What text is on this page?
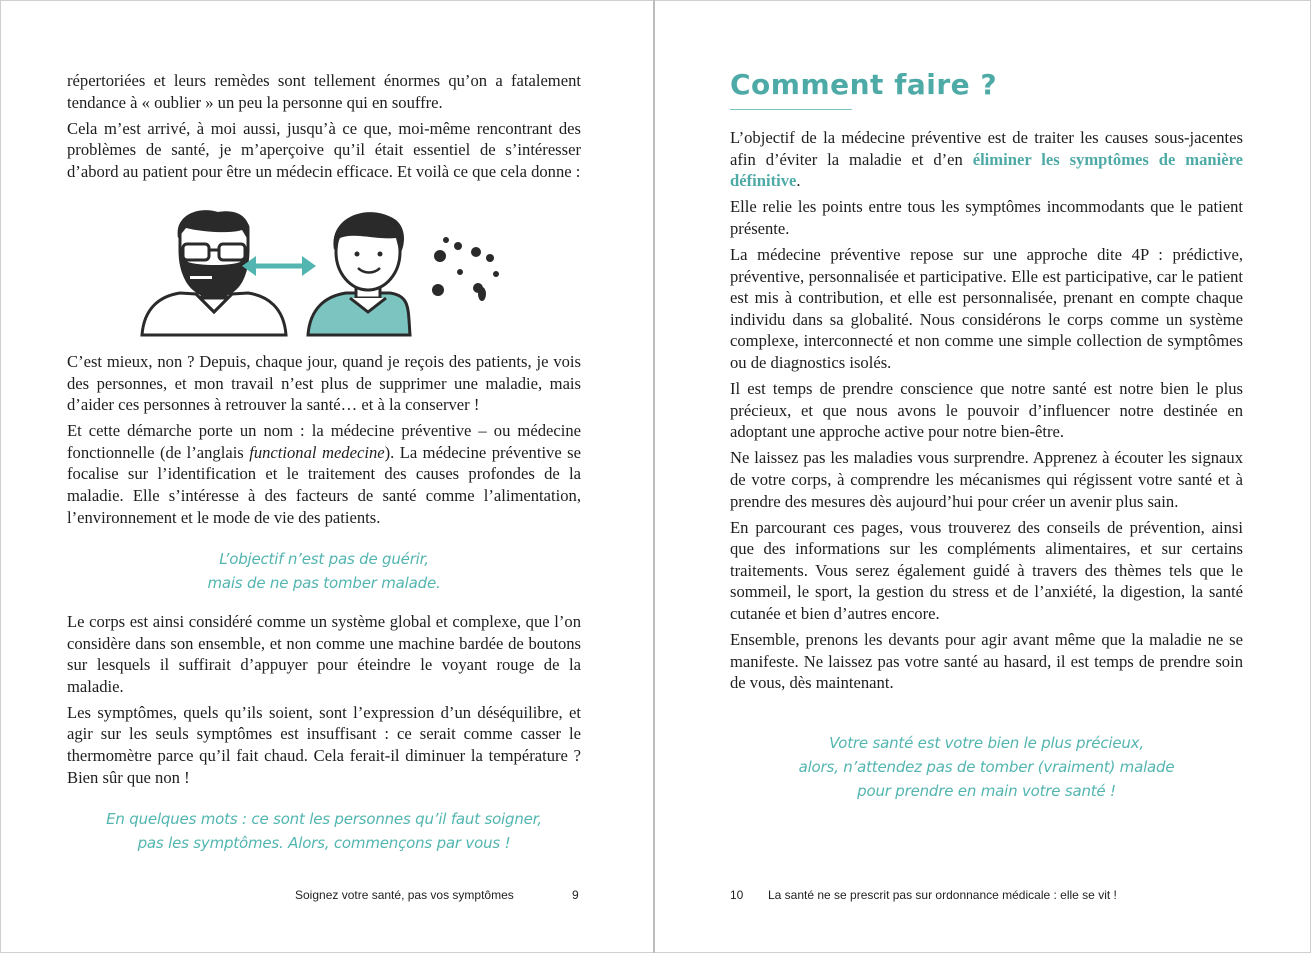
répertoriées et leurs remèdes sont tellement énormes qu’on a fatalement tendance à « oublier » un peu la personne qui en souffre.

Cela m’est arrivé, à moi aussi, jusqu’à ce que, moi-même rencontrant des problèmes de santé, je m’aperçoive qu’il était essentiel de s’intéresser d’abord au patient pour être un médecin efficace. Et voilà ce que cela donne :

C’est mieux, non ? Depuis, chaque jour, quand je reçois des patients, je vois des personnes, et mon travail n’est plus de supprimer une maladie, mais d’aider ces personnes à retrouver la santé… et à la conserver !

Et cette démarche porte un nom : la médecine préventive – ou médecine fonctionnelle (de l’anglais functional medecine). La médecine préventive se focalise sur l’identification et le traitement des causes profondes de la maladie. Elle s’intéresse à des facteurs de santé comme l’alimentation, l’environnement et le mode de vie des patients.

L’objectif n’est pas de guérir,
mais de ne pas tomber malade.

Le corps est ainsi considéré comme un système global et complexe, que l’on considère dans son ensemble, et non comme une machine bardée de boutons sur lesquels il suffirait d’appuyer pour éteindre le voyant rouge de la maladie.

Les symptômes, quels qu’ils soient, sont l’expression d’un déséquilibre, et agir sur les seuls symptômes est insuffisant : ce serait comme casser le thermomètre parce qu’il fait chaud. Cela ferait-il diminuer la température ? Bien sûr que non !

En quelques mots : ce sont les personnes qu’il faut soigner,
pas les symptômes. Alors, commençons par vous !
Soignez votre santé, pas vos symptômes	9
Comment faire ?

L’objectif de la médecine préventive est de traiter les causes sous-jacentes afin d’éviter la maladie et d’en éliminer les symptômes de manière définitive.

Elle relie les points entre tous les symptômes incommodants que le patient présente.

La médecine préventive repose sur une approche dite 4P : prédictive, préventive, personnalisée et participative. Elle est participative, car le patient est mis à contribution, et elle est personnalisée, prenant en compte chaque individu dans sa globalité. Nous considérons le corps comme un système complexe, interconnecté et non comme une simple collection de symptômes ou de diagnostics isolés.

Il est temps de prendre conscience que notre santé est notre bien le plus précieux, et que nous avons le pouvoir d’influencer notre destinée en adoptant une approche active pour notre bien-être.

Ne laissez pas les maladies vous surprendre. Apprenez à écouter les signaux de votre corps, à comprendre les mécanismes qui régissent votre santé et à prendre des mesures dès aujourd’hui pour créer un avenir plus sain.

En parcourant ces pages, vous trouverez des conseils de prévention, ainsi que des informations sur les compléments alimentaires, et sur certains traitements. Vous serez également guidé à travers des thèmes tels que le sommeil, le sport, la gestion du stress et de l’anxiété, la digestion, la santé cutanée et bien d’autres encore.

Ensemble, prenons les devants pour agir avant même que la maladie ne se manifeste. Ne laissez pas votre santé au hasard, il est temps de prendre soin de vous, dès maintenant.

Votre santé est votre bien le plus précieux,
alors, n’attendez pas de tomber (vraiment) malade
pour prendre en main votre santé !
10 La santé ne se prescrit pas sur ordonnance médicale : elle se vit !
